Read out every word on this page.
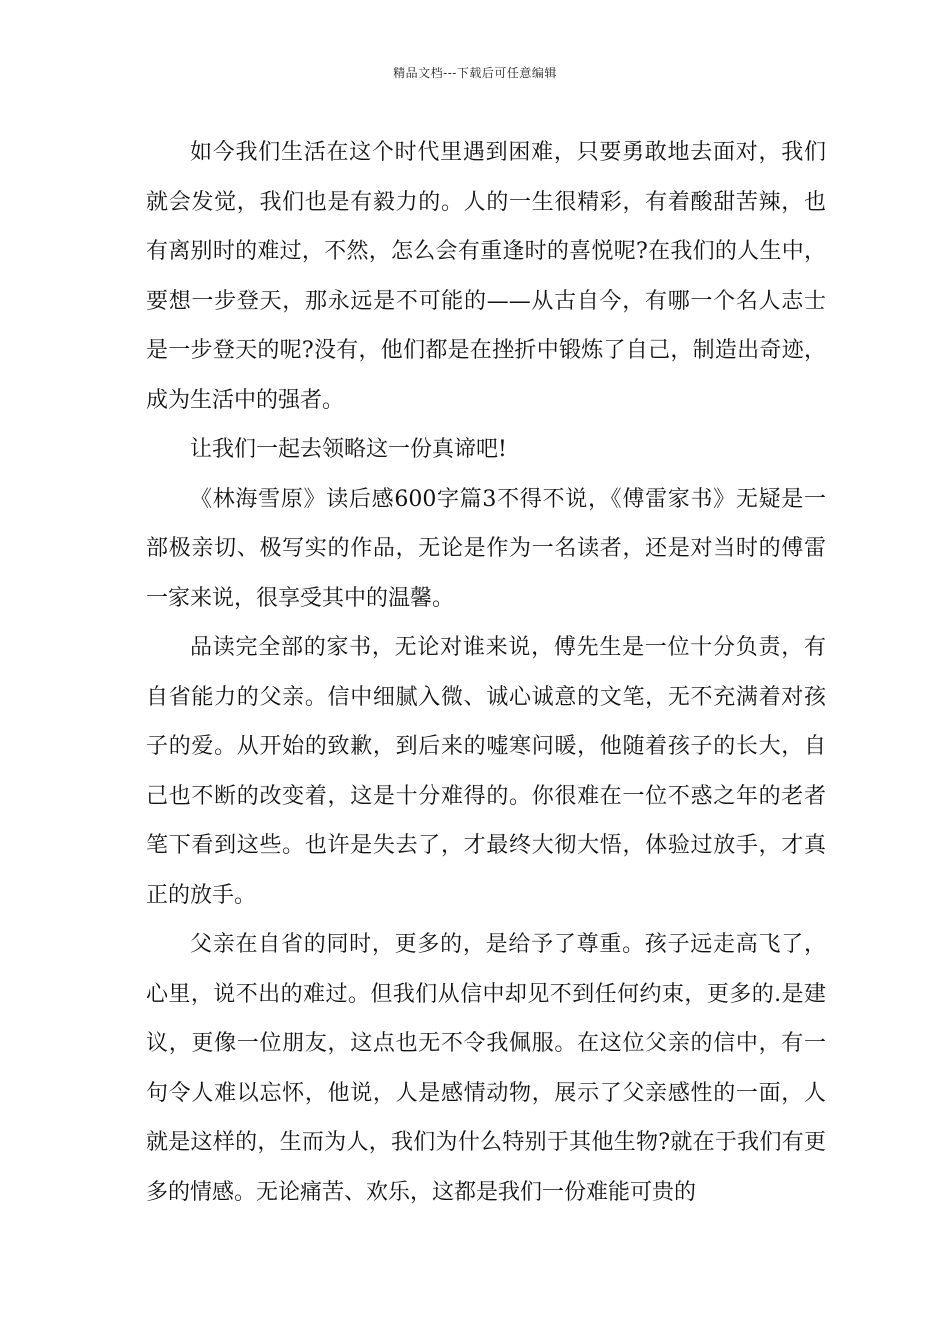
精品文档---下载后可任意编辑

如今我们生活在这个时代里遇到困难，只要勇敢地去面对，我们就会发觉，我们也是有毅力的。人的一生很精彩，有着酸甜苦辣，也有离别时的难过，不然，怎么会有重逢时的喜悦呢?在我们的人生中，要想一步登天，那永远是不可能的——从古自今，有哪一个名人志士是一步登天的呢?没有，他们都是在挫折中锻炼了自己，制造出奇迹，成为生活中的强者。

让我们一起去领略这一份真谛吧!

《林海雪原》读后感600字篇3不得不说，《傅雷家书》无疑是一部极亲切、极写实的作品，无论是作为一名读者，还是对当时的傅雷一家来说，很享受其中的温馨。

品读完全部的家书，无论对谁来说，傅先生是一位十分负责，有自省能力的父亲。信中细腻入微、诚心诚意的文笔，无不充满着对孩子的爱。从开始的致歉，到后来的嘘寒问暖，他随着孩子的长大，自己也不断的改变着，这是十分难得的。你很难在一位不惑之年的老者笔下看到这些。也许是失去了，才最终大彻大悟，体验过放手，才真正的放手。

父亲在自省的同时，更多的，是给予了尊重。孩子远走高飞了，心里，说不出的难过。但我们从信中却见不到任何约束，更多的.是建议，更像一位朋友，这点也无不令我佩服。在这位父亲的信中，有一句令人难以忘怀，他说，人是感情动物，展示了父亲感性的一面，人就是这样的，生而为人，我们为什么特别于其他生物?就在于我们有更多的情感。无论痛苦、欢乐，这都是我们一份难能可贵的
